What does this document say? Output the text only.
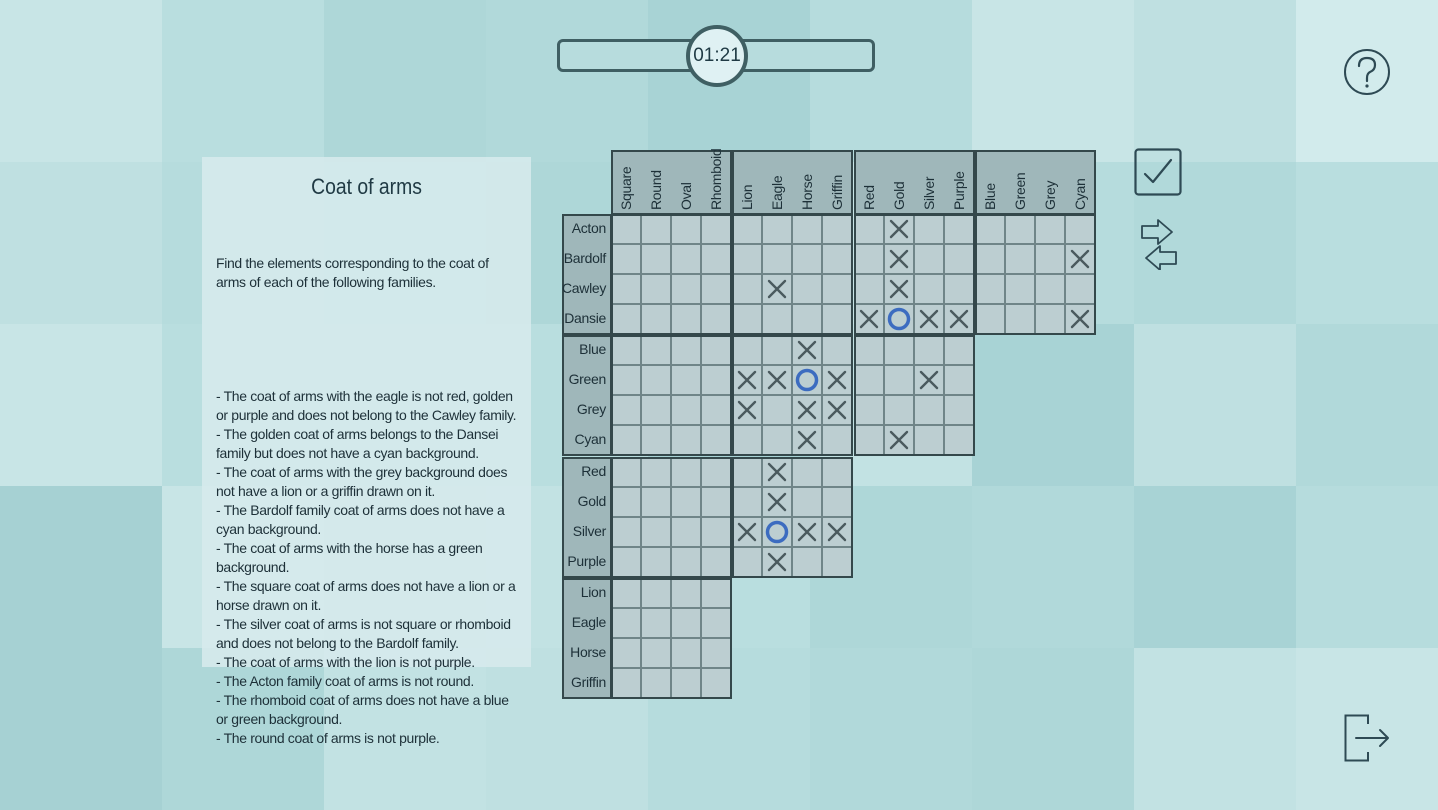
01:21
Coat of arms

Find the elements corresponding to the coat of arms of each of the following families.

- The coat of arms with the eagle is not red, golden or purple and does not belong to the Cawley family.
- The golden coat of arms belongs to the Dansei family but does not have a cyan background.
- The coat of arms with the grey background does not have a lion or a griffin drawn on it.
- The Bardolf family coat of arms does not have a cyan background.
- The coat of arms with the horse has a green background.
- The square coat of arms does not have a lion or a horse drawn on it.
- The silver coat of arms is not square or rhomboid and does not belong to the Bardolf family.
- The coat of arms with the lion is not purple.
- The Acton family coat of arms is not round.
- The rhomboid coat of arms does not have a blue or green background.
- The round coat of arms is not purple.

Square Round Oval Rhomboid Lion Eagle Horse Griffin Red Gold Silver Purple Blue Green Grey Cyan
Acton
Bardolf
Cawley
Dansie
Blue
Green
Grey
Cyan
Red
Gold
Silver
Purple
Lion
Eagle
Horse
Griffin
